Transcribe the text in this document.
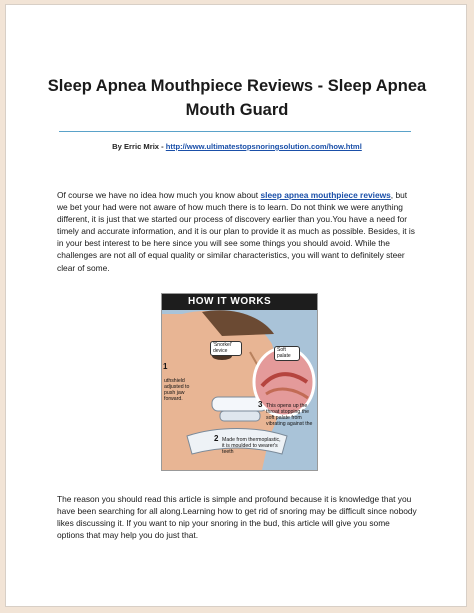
Sleep Apnea Mouthpiece Reviews - Sleep Apnea
Mouth Guard
By Erric Mrix - http://www.ultimatestopsnoringsolution.com/how.html
Of course we have no idea how much you know about sleep apnea mouthpiece reviews, but we bet your had were not aware of how much there is to learn. Do not think we were anything different, it is just that we started our process of discovery earlier than you.You have a need for timely and accurate information, and it is our plan to provide it as much as possible. Besides, it is in your best interest to be here since you will see some things you should avoid. While the challenges are not all of equal quality or similar characteristics, you will want to definitely steer clear of some.
HOW IT WORKS
'Snorkel' device	Soft palate
1
uthshield adjusted to push jaw forward.
3 This opens up the throat stopping the soft palate from vibrating against the
2 Made from thermoplastic, it is moulded to wearer's teeth
The reason you should read this article is simple and profound because it is knowledge that you have been searching for all along.Learning how to get rid of snoring may be difficult since nobody likes discussing it. If you want to nip your snoring in the bud, this article will give you some options that may help you do just that.
